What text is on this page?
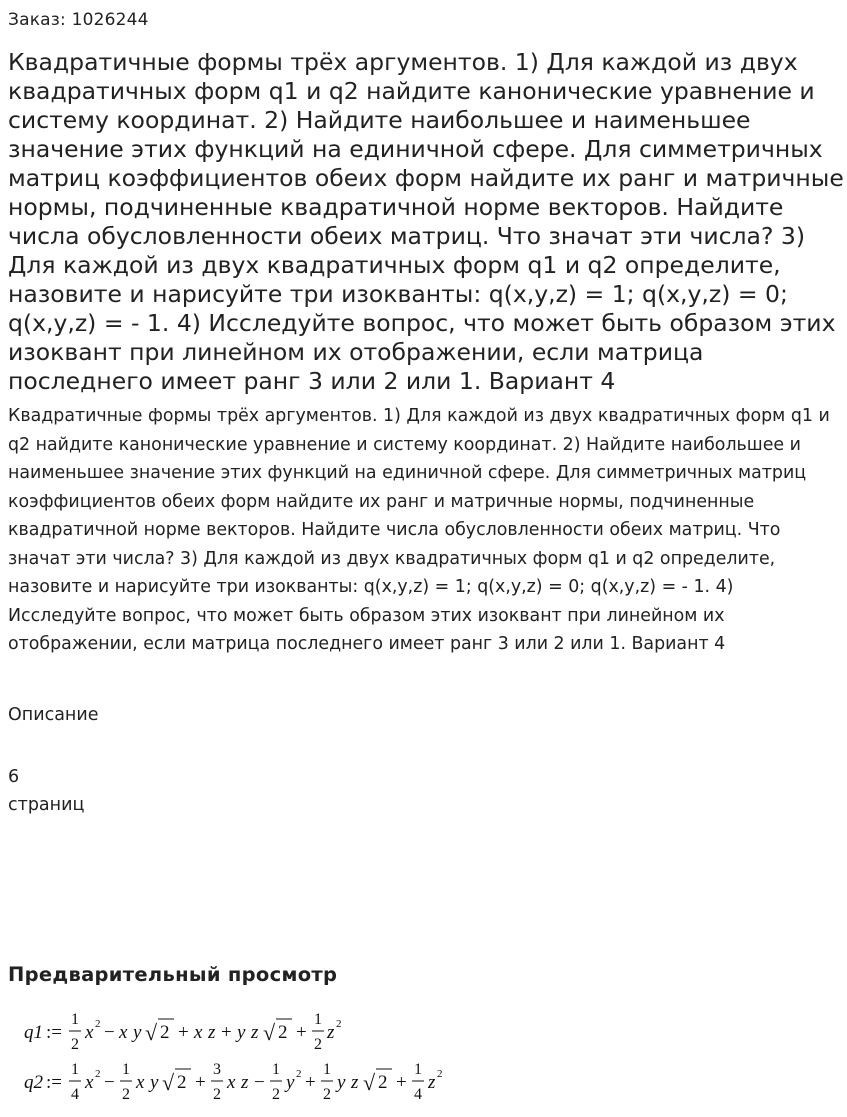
Заказ: 1026244
Квадратичные формы трёх аргументов. 1) Для каждой из двух квадратичных форм q1 и q2 найдите канонические уравнение и систему координат. 2) Найдите наибольшее и наименьшее значение этих функций на единичной сфере. Для симметричных матриц коэффициентов обеих форм найдите их ранг и матричные нормы, подчиненные квадратичной норме векторов. Найдите числа обусловленности обеих матриц. Что значат эти числа? 3) Для каждой из двух квадратичных форм q1 и q2 определите, назовите и нарисуйте три изокванты: q(x,y,z) = 1; q(x,y,z) = 0; q(x,y,z) = - 1. 4) Исследуйте вопрос, что может быть образом этих изоквант при линейном их отображении, если матрица последнего имеет ранг 3 или 2 или 1. Вариант 4

Квадратичные формы трёх аргументов. 1) Для каждой из двух квадратичных форм q1 и q2 найдите канонические уравнение и систему координат. 2) Найдите наибольшее и наименьшее значение этих функций на единичной сфере. Для симметричных матриц коэффициентов обеих форм найдите их ранг и матричные нормы, подчиненные квадратичной норме векторов. Найдите числа обусловленности обеих матриц. Что значат эти числа? 3) Для каждой из двух квадратичных форм q1 и q2 определите, назовите и нарисуйте три изокванты: q(x,y,z) = 1; q(x,y,z) = 0; q(x,y,z) = - 1. 4) Исследуйте вопрос, что может быть образом этих изоквант при линейном их отображении, если матрица последнего имеет ранг 3 или 2 или 1. Вариант 4

Описание
6
страниц
Предварительный просмотр
q1 :=
1
2
x 2 − x y √ 2 + x z + y z √ 2 +
1
2
z 2
q2 :=
1
4
x 2 −
1
2
x y √ 2 +
3
2
x z −
1
2
y 2 +
1
2
y z √ 2 +
1
4
z 2
